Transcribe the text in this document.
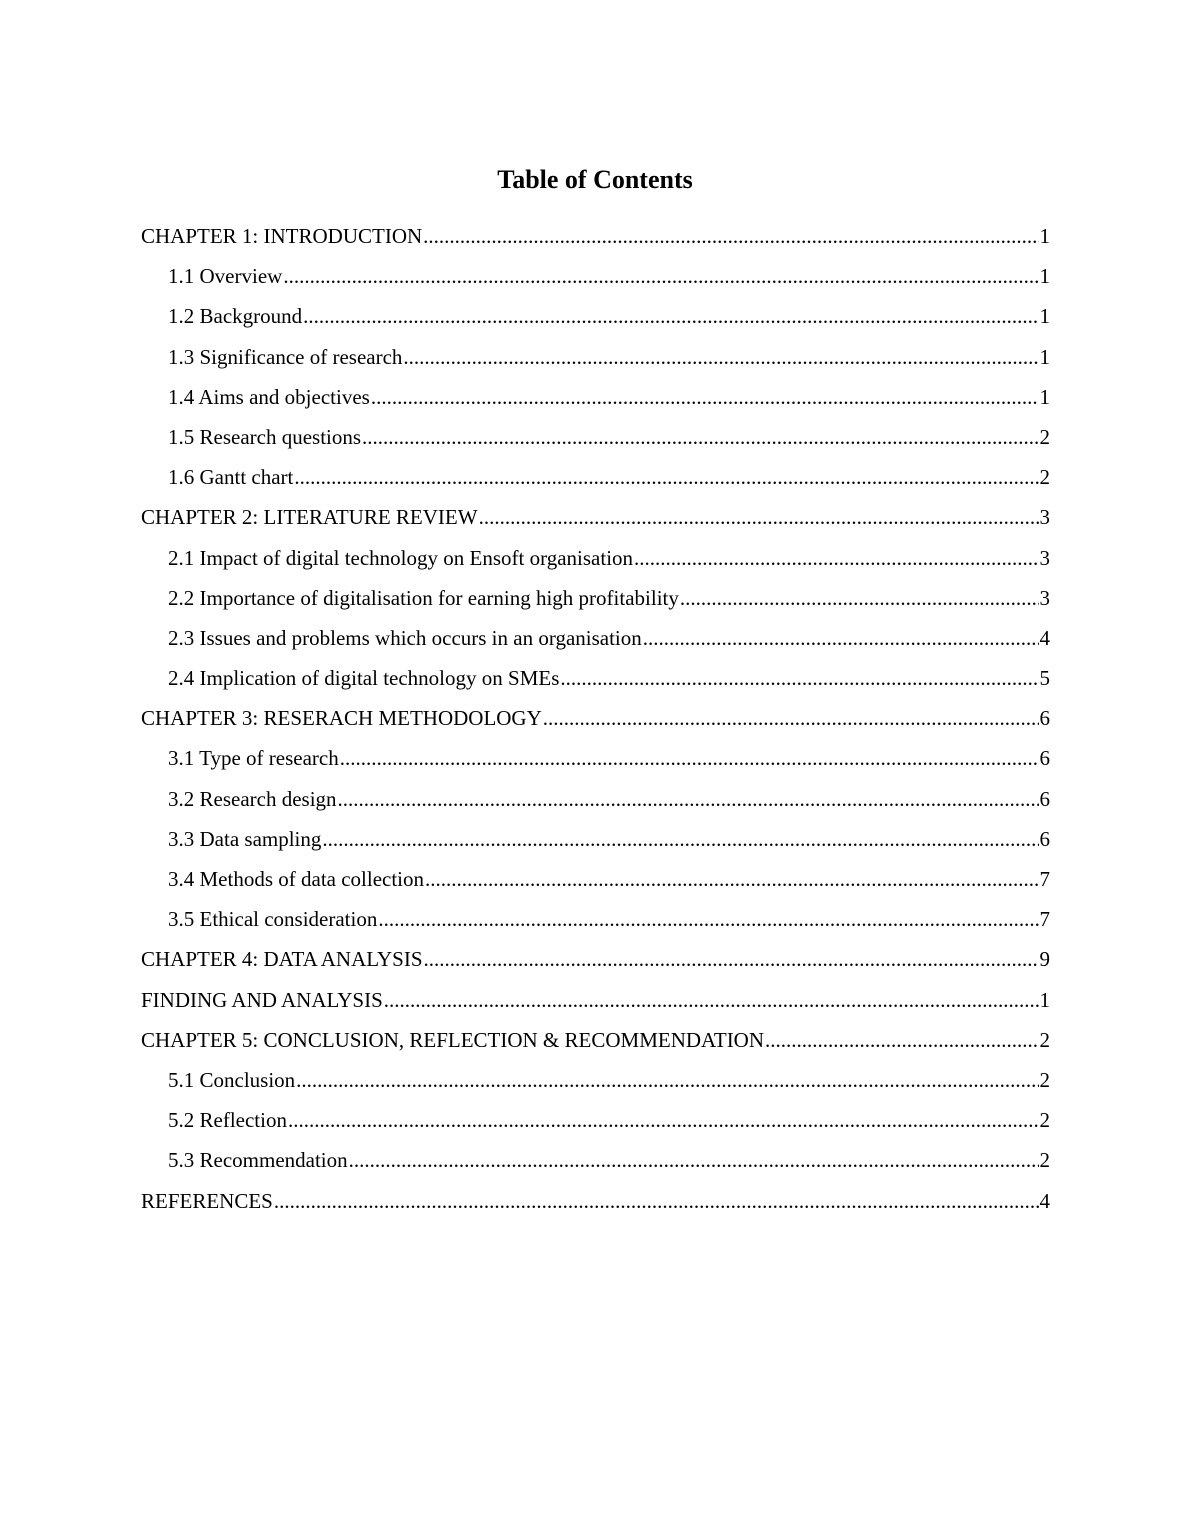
Table of Contents
CHAPTER 1: INTRODUCTION .....	1
1.1 Overview .....	1
1.2 Background .....	1
1.3 Significance of research .....	1
1.4 Aims and objectives .....	1
1.5 Research questions .....	2
1.6 Gantt chart .....	2
CHAPTER 2: LITERATURE REVIEW .....	3
2.1 Impact of digital technology on Ensoft organisation .....	3
2.2 Importance of digitalisation for earning high profitability .....	3
2.3 Issues and problems which occurs in an organisation .....	4
2.4 Implication of digital technology on SMEs .....	5
CHAPTER 3: RESERACH METHODOLOGY .....	6
3.1 Type of research .....	6
3.2 Research design .....	6
3.3 Data sampling .....	6
3.4 Methods of data collection .....	7
3.5 Ethical consideration .....	7
CHAPTER 4: DATA ANALYSIS .....	9
FINDING AND ANALYSIS .....	1
CHAPTER 5: CONCLUSION, REFLECTION & RECOMMENDATION .....	2
5.1 Conclusion .....	2
5.2 Reflection .....	2
5.3 Recommendation .....	2
REFERENCES .....	4
